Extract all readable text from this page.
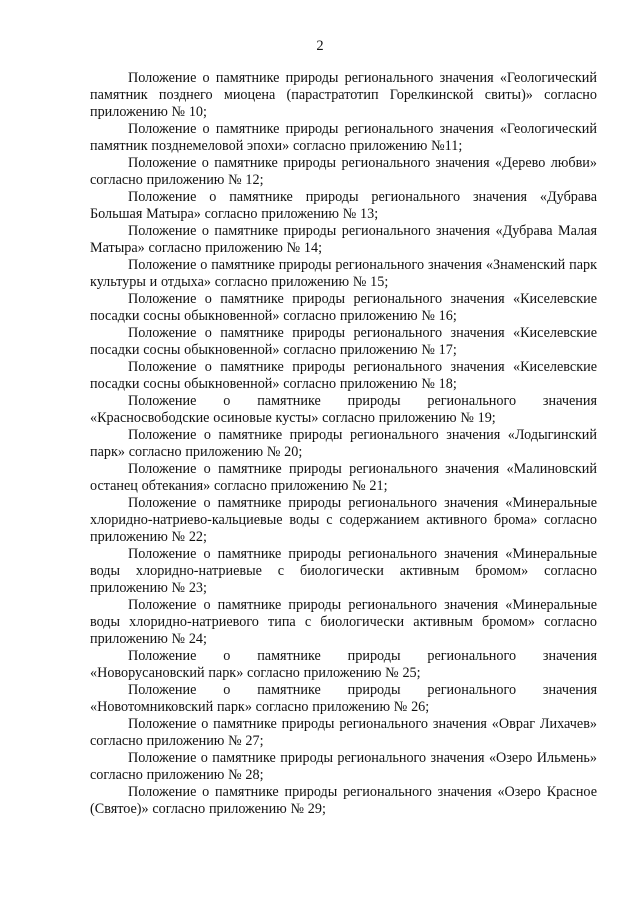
2

Положение о памятнике природы регионального значения «Геологический памятник позднего миоцена (парастратотип Горелкинской свиты)» согласно приложению № 10;

Положение о памятнике природы регионального значения «Геологический памятник позднемеловой эпохи» согласно приложению №11;

Положение о памятнике природы регионального значения «Дерево любви» согласно приложению № 12;

Положение о памятнике природы регионального значения «Дубрава Большая Матыра» согласно приложению № 13;

Положение о памятнике природы регионального значения «Дубрава Малая Матыра» согласно приложению № 14;

Положение о памятнике природы регионального значения «Знаменский парк культуры и отдыха» согласно приложению № 15;

Положение о памятнике природы регионального значения «Киселевские посадки сосны обыкновенной» согласно приложению № 16;

Положение о памятнике природы регионального значения «Киселевские посадки сосны обыкновенной» согласно приложению № 17;

Положение о памятнике природы регионального значения «Киселевские посадки сосны обыкновенной» согласно приложению № 18;

Положение о памятнике природы регионального значения «Красносвободские осиновые кусты» согласно приложению № 19;

Положение о памятнике природы регионального значения «Лодыгинский парк» согласно приложению № 20;

Положение о памятнике природы регионального значения «Малиновский останец обтекания» согласно приложению № 21;

Положение о памятнике природы регионального значения «Минеральные хлоридно-натриево-кальциевые воды с содержанием активного брома» согласно приложению № 22;

Положение о памятнике природы регионального значения «Минеральные воды хлоридно-натриевые с биологически активным бромом» согласно приложению № 23;

Положение о памятнике природы регионального значения «Минеральные воды хлоридно-натриевого типа с биологически активным бромом» согласно приложению № 24;

Положение о памятнике природы регионального значения «Новорусановский парк» согласно приложению № 25;

Положение о памятнике природы регионального значения «Новотомниковский парк» согласно приложению № 26;

Положение о памятнике природы регионального значения «Овраг Лихачев» согласно приложению № 27;

Положение о памятнике природы регионального значения «Озеро Ильмень» согласно приложению № 28;

Положение о памятнике природы регионального значения «Озеро Красное (Святое)» согласно приложению № 29;
